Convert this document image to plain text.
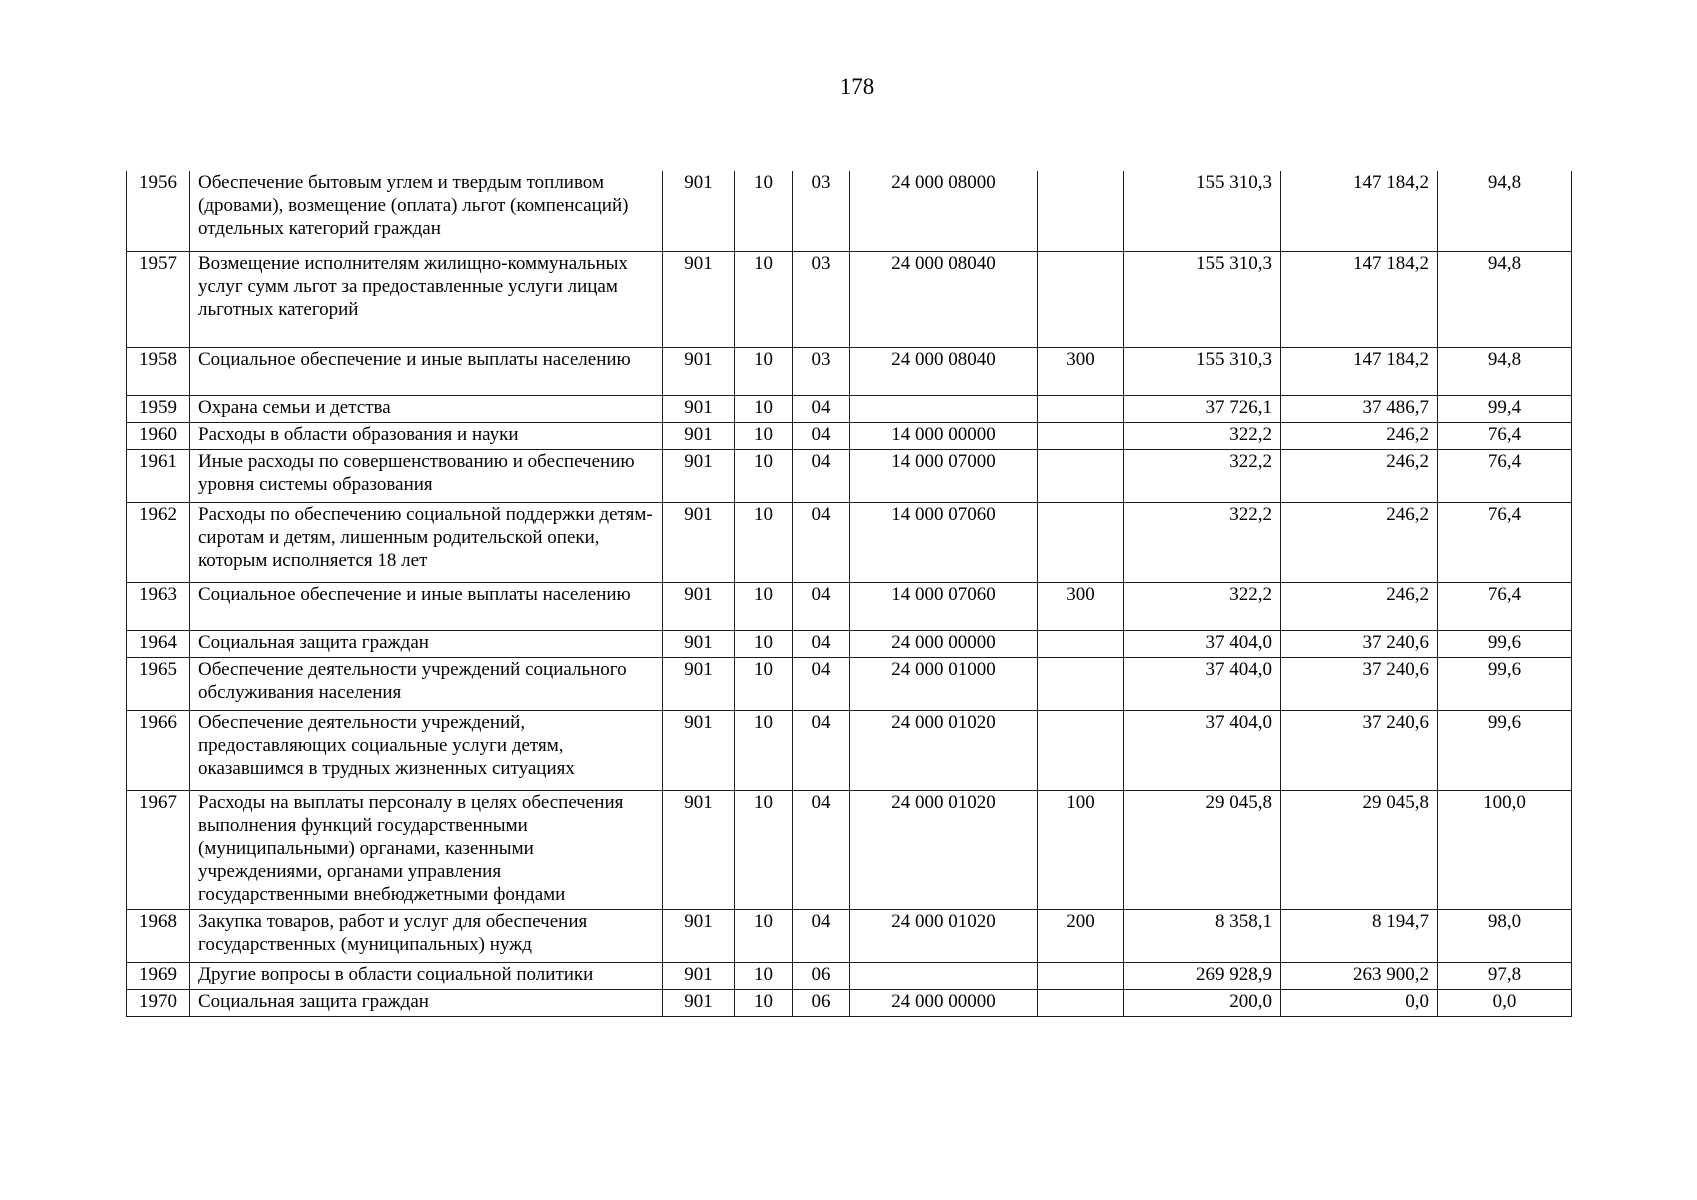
178
1956	Обеспечение бытовым углем и твердым топливом (дровами), возмещение (оплата) льгот (компенсаций) отдельных категорий граждан	901	10	03	24 000 08000		155 310,3	147 184,2	94,8
1957	Возмещение исполнителям жилищно-коммунальных услуг сумм льгот за предоставленные услуги лицам льготных категорий	901	10	03	24 000 08040		155 310,3	147 184,2	94,8
1958	Социальное обеспечение и иные выплаты населению	901	10	03	24 000 08040	300	155 310,3	147 184,2	94,8
1959	Охрана семьи и детства	901	10	04			37 726,1	37 486,7	99,4
1960	Расходы в области образования и науки	901	10	04	14 000 00000		322,2	246,2	76,4
1961	Иные расходы по совершенствованию и обеспечению уровня системы образования	901	10	04	14 000 07000		322,2	246,2	76,4
1962	Расходы по обеспечению социальной поддержки детям-сиротам и детям, лишенным родительской опеки, которым исполняется 18 лет	901	10	04	14 000 07060		322,2	246,2	76,4
1963	Социальное обеспечение и иные выплаты населению	901	10	04	14 000 07060	300	322,2	246,2	76,4
1964	Социальная защита граждан	901	10	04	24 000 00000		37 404,0	37 240,6	99,6
1965	Обеспечение деятельности учреждений социального обслуживания населения	901	10	04	24 000 01000		37 404,0	37 240,6	99,6
1966	Обеспечение деятельности учреждений, предоставляющих социальные услуги детям, оказавшимся в трудных жизненных ситуациях	901	10	04	24 000 01020		37 404,0	37 240,6	99,6
1967	Расходы на выплаты персоналу в целях обеспечения выполнения функций государственными (муниципальными) органами, казенными учреждениями, органами управления государственными внебюджетными фондами	901	10	04	24 000 01020	100	29 045,8	29 045,8	100,0
1968	Закупка товаров, работ и услуг для обеспечения государственных (муниципальных) нужд	901	10	04	24 000 01020	200	8 358,1	8 194,7	98,0
1969	Другие вопросы в области социальной политики	901	10	06			269 928,9	263 900,2	97,8
1970	Социальная защита граждан	901	10	06	24 000 00000		200,0	0,0	0,0
